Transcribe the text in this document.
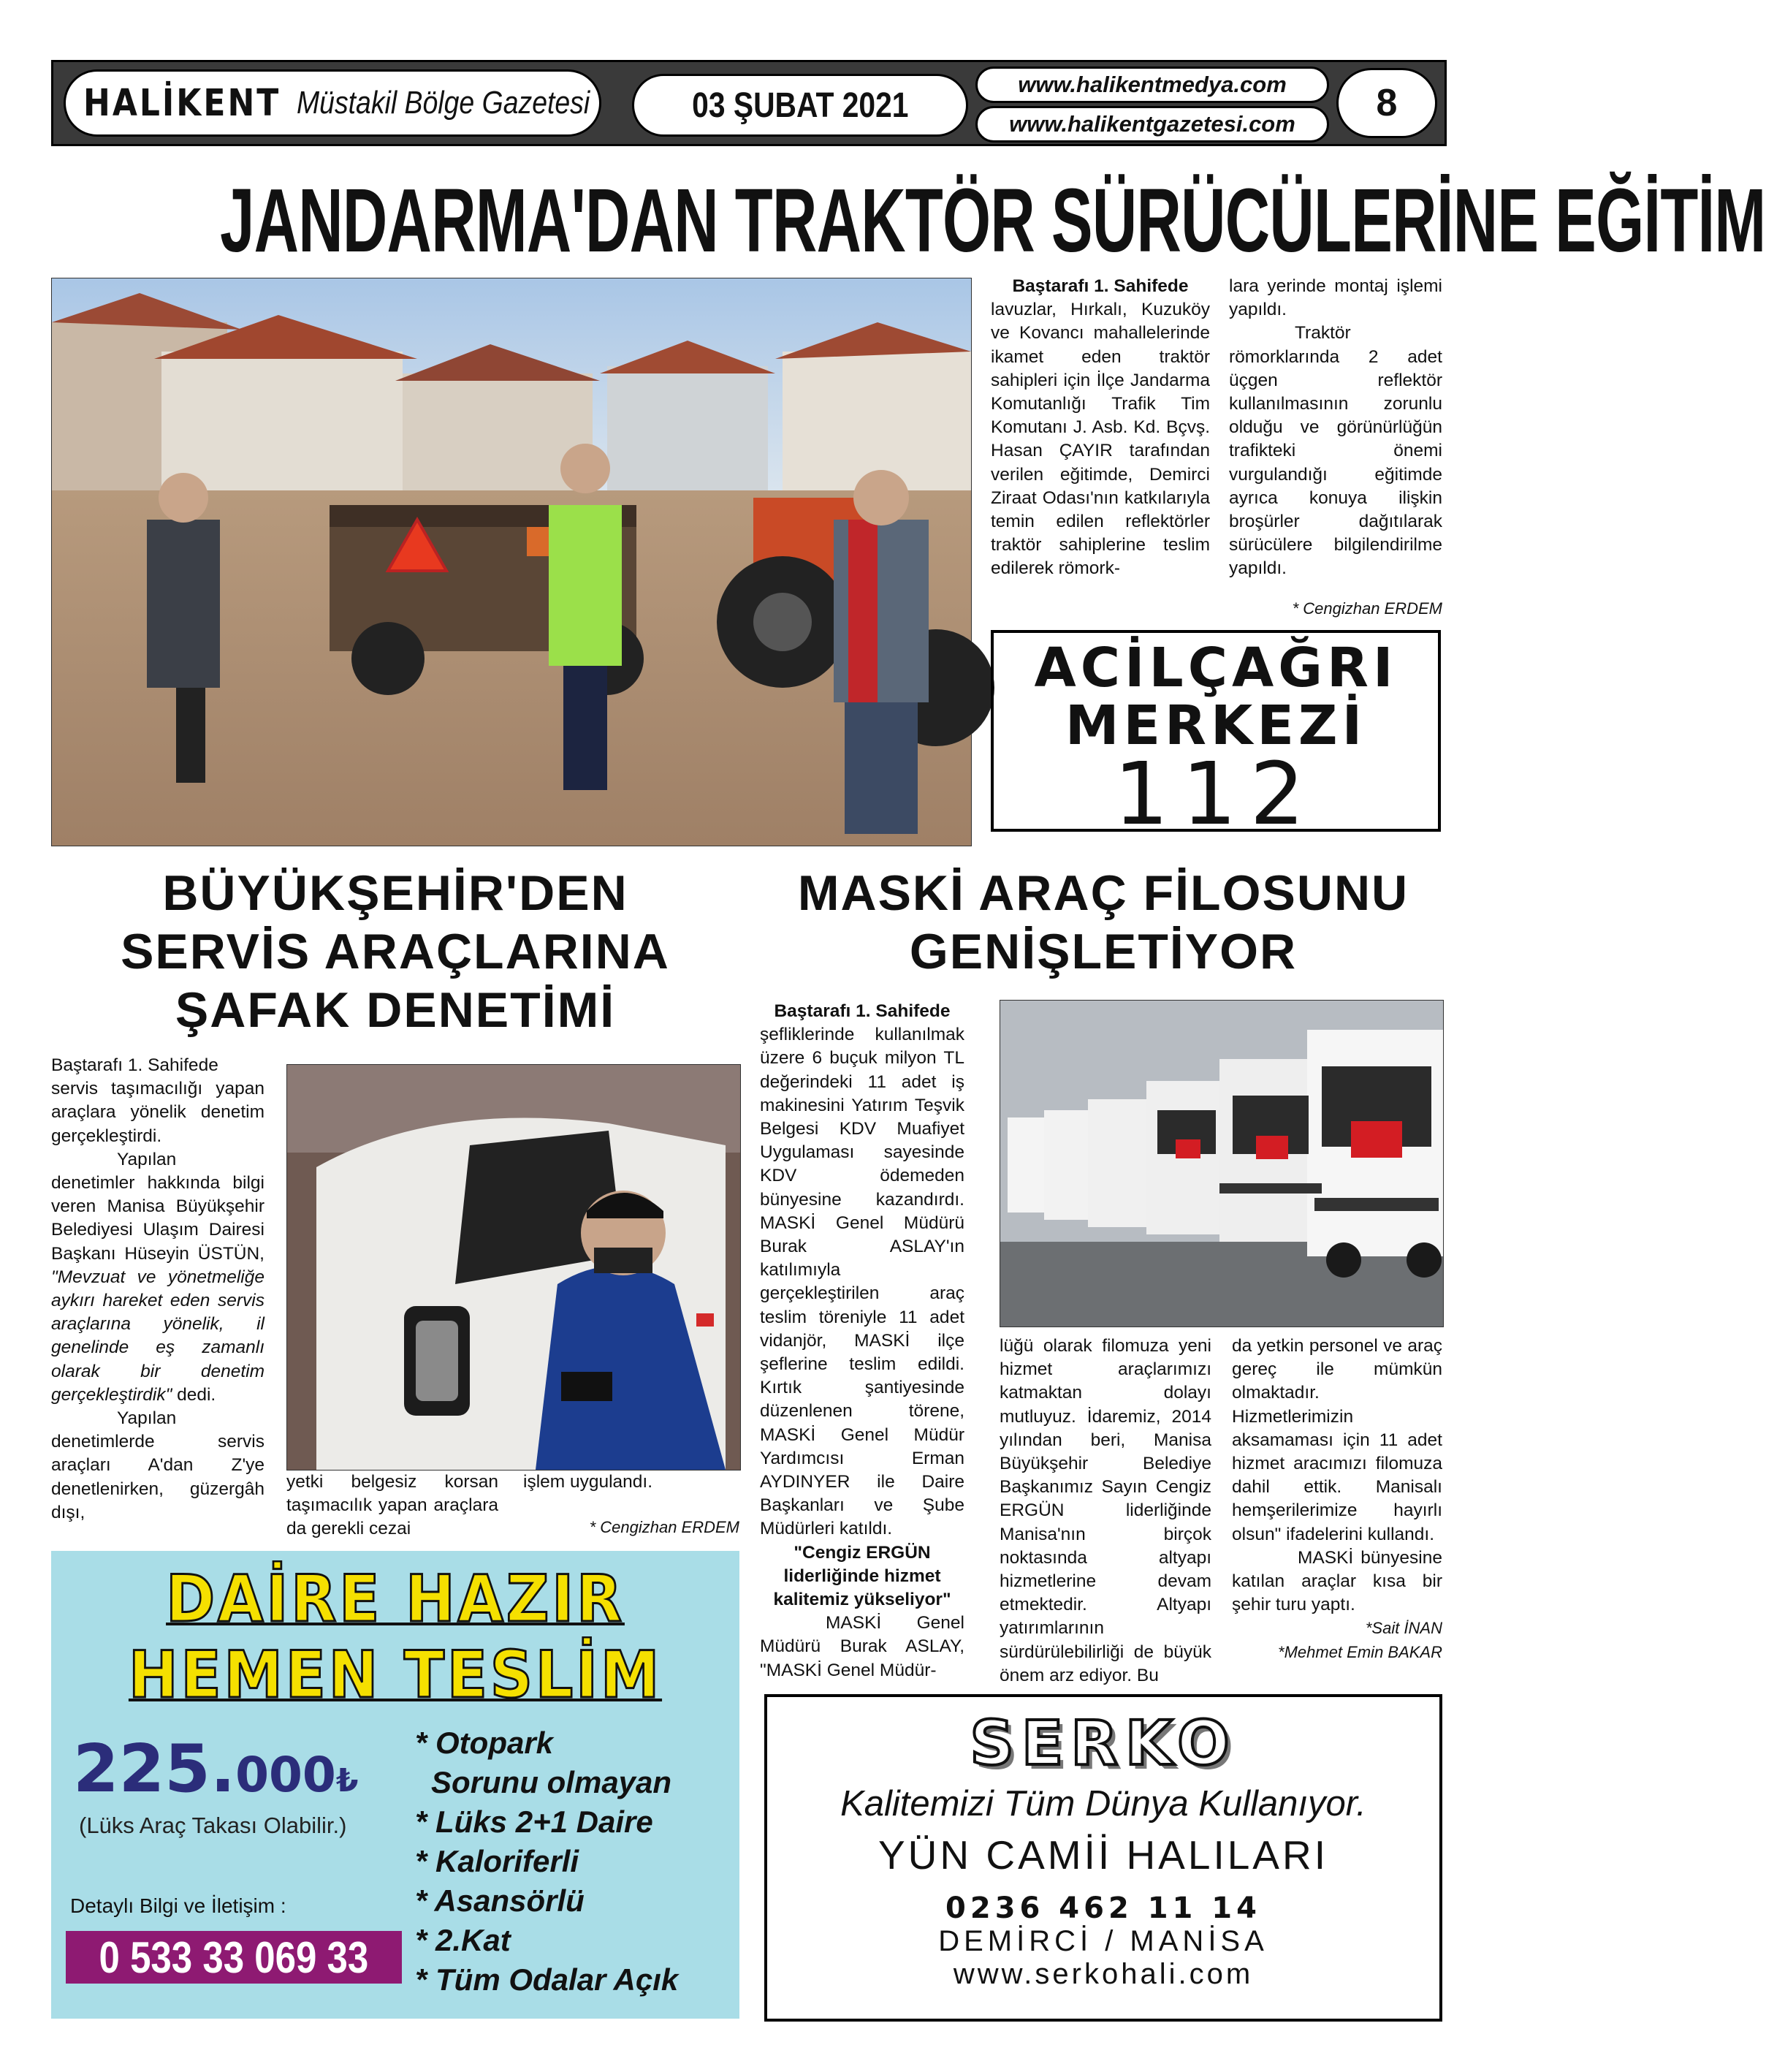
HALİKENT Müstakil Bölge Gazetesi	03 ŞUBAT 2021
www.halikentmedya.com
www.halikentgazetesi.com	8
JANDARMA'DAN TRAKTÖR SÜRÜCÜLERİNE EĞİTİM

Baştarafı 1. Sahifede

lavuzlar, Hırkalı, Kuzuköy ve Kovancı mahallelerinde ikamet eden traktör sahipleri için İlçe Jandarma Komutanlığı Trafik Tim Komutanı J. Asb. Kd. Bçvş. Hasan ÇAYIR tarafından verilen eğitimde, Demirci Ziraat Odası'nın katkılarıyla temin edilen reflektörler traktör sahiplerine teslim edilerek römork-

lara yerinde montaj işlemi yapıldı.

Traktör römorklarında 2 adet üçgen reflektör kullanılmasının zorunlu olduğu ve görünürlüğün trafikteki önemi vurgulandığı eğitimde ayrıca konuya ilişkin broşürler dağıtılarak sürücülere bilgilendirilme yapıldı.

* Cengizhan ERDEM

ACİLÇAĞRI
MERKEZİ
112
BÜYÜKŞEHİR'DEN
SERVİS ARAÇLARINA
ŞAFAK DENETİMİ
MASKİ ARAÇ FİLOSUNU
GENİŞLETİYOR

Baştarafı 1. Sahifede

servis taşımacılığı yapan araçlara yönelik denetim gerçekleştirdi.

Yapılan denetimler hakkında bilgi veren Manisa Büyükşehir Belediyesi Ulaşım Dairesi Başkanı Hüseyin ÜSTÜN, "Mevzuat ve yönetmeliğe aykırı hareket eden servis araçlarına yönelik, il genelinde eş zamanlı olarak bir denetim gerçekleştirdik" dedi.

Yapılan denetimlerde servis araçları A'dan Z'ye denetlenirken, güzergâh dışı,

yetki belgesiz korsan taşımacılık yapan araçlara da gerekli cezai

işlem uygulandı.

* Cengizhan ERDEM

Baştarafı 1. Sahifede

şefliklerinde kullanılmak üzere 6 buçuk milyon TL değerindeki 11 adet iş makinesini Yatırım Teşvik Belgesi KDV Muafiyet Uygulaması sayesinde KDV ödemeden bünyesine kazandırdı. MASKİ Genel Müdürü Burak ASLAY'ın katılımıyla gerçekleştirilen araç teslim töreniyle 11 adet vidanjör, MASKİ ilçe şeflerine teslim edildi. Kırtık şantiyesinde düzenlenen törene, MASKİ Genel Müdür Yardımcısı Erman AYDINYER ile Daire Başkanları ve Şube Müdürleri katıldı.

"Cengiz ERGÜN liderliğinde hizmet kalitemiz yükseliyor"

MASKİ Genel Müdürü Burak ASLAY, "MASKİ Genel Müdür-

lüğü olarak filomuza yeni hizmet araçlarımızı katmaktan dolayı mutluyuz. İdaremiz, 2014 yılından beri, Manisa Büyükşehir Belediye Başkanımız Sayın Cengiz ERGÜN liderliğinde Manisa'nın birçok noktasında altyapı hizmetlerine devam etmektedir. Altyapı yatırımlarının sürdürülebilirliği de büyük önem arz ediyor. Bu

da yetkin personel ve araç gereç ile mümkün olmaktadır. Hizmetlerimizin aksamaması için 11 adet hizmet aracımızı filomuza dahil ettik. Manisalı hemşerilerimize hayırlı olsun" ifadelerini kullandı.

MASKİ bünyesine katılan araçlar kısa bir şehir turu yaptı.

*Sait İNAN

*Mehmet Emin BAKAR

DAİRE HAZIR
HEMEN TESLİM
225.000₺
(Lüks Araç Takası Olabilir.)
Detaylı Bilgi ve İletişim :
0 533 33 069 33
* Otopark
Sorunu olmayan
* Lüks 2+1 Daire
* Kaloriferli
* Asansörlü
* 2.Kat
* Tüm Odalar Açık
SERKO
Kalitemizi Tüm Dünya Kullanıyor.
YÜN CAMİİ HALILARI
0236 462 11 14
DEMİRCİ / MANİSA
www.serkohali.com
